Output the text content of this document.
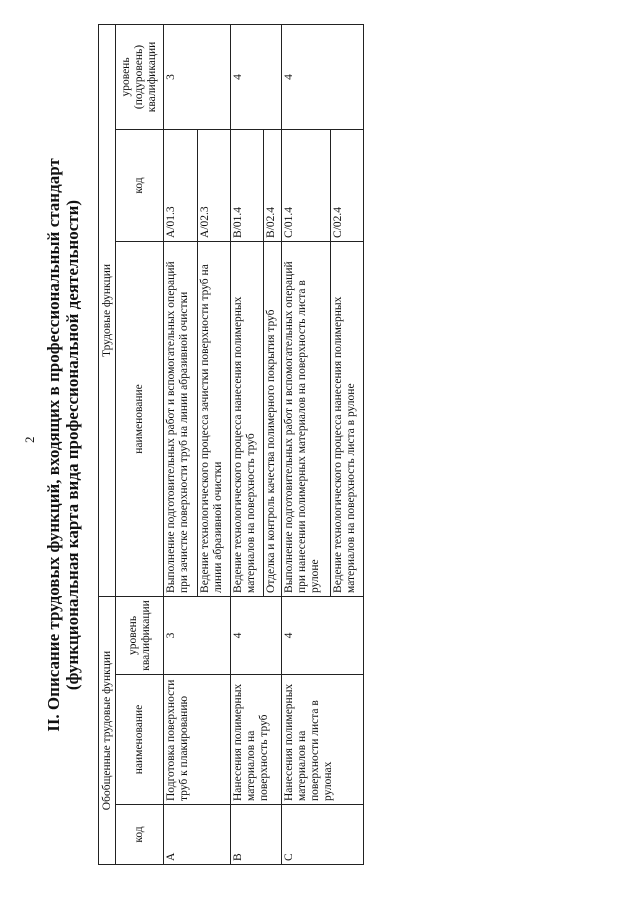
2 II. Описание трудовых функций, входящих в профессиональный стандарт (функциональная карта вида профессиональной деятельности)
Обобщенные трудовые функции			Трудовые функции		
код	наименование	уровень квалификации	наименование	код	уровень (подуровень) квалификации
A	Подготовка поверхности труб к плакированию	3	Выполнение подготовительных работ и вспомогательных операций при зачистке поверхности труб на линии абразивной очистки	A/01.3	3
			Ведение технологического процесса зачистки поверхности труб на линии абразивной очистки	A/02.3	
B	Нанесения полимерных материалов на поверхность труб	4	Ведение технологического процесса нанесения полимерных материалов на поверхность труб	B/01.4	4
			Отделка и контроль качества полимерного покрытия труб	B/02.4	
C	Нанесения полимерных материалов на поверхности листа в рулонах	4	Выполнение подготовительных работ и вспомогательных операций при нанесении полимерных материалов на поверхность листа в рулоне	C/01.4	4
			Ведение технологического процесса нанесения полимерных материалов на поверхность листа в рулоне	C/02.4	
